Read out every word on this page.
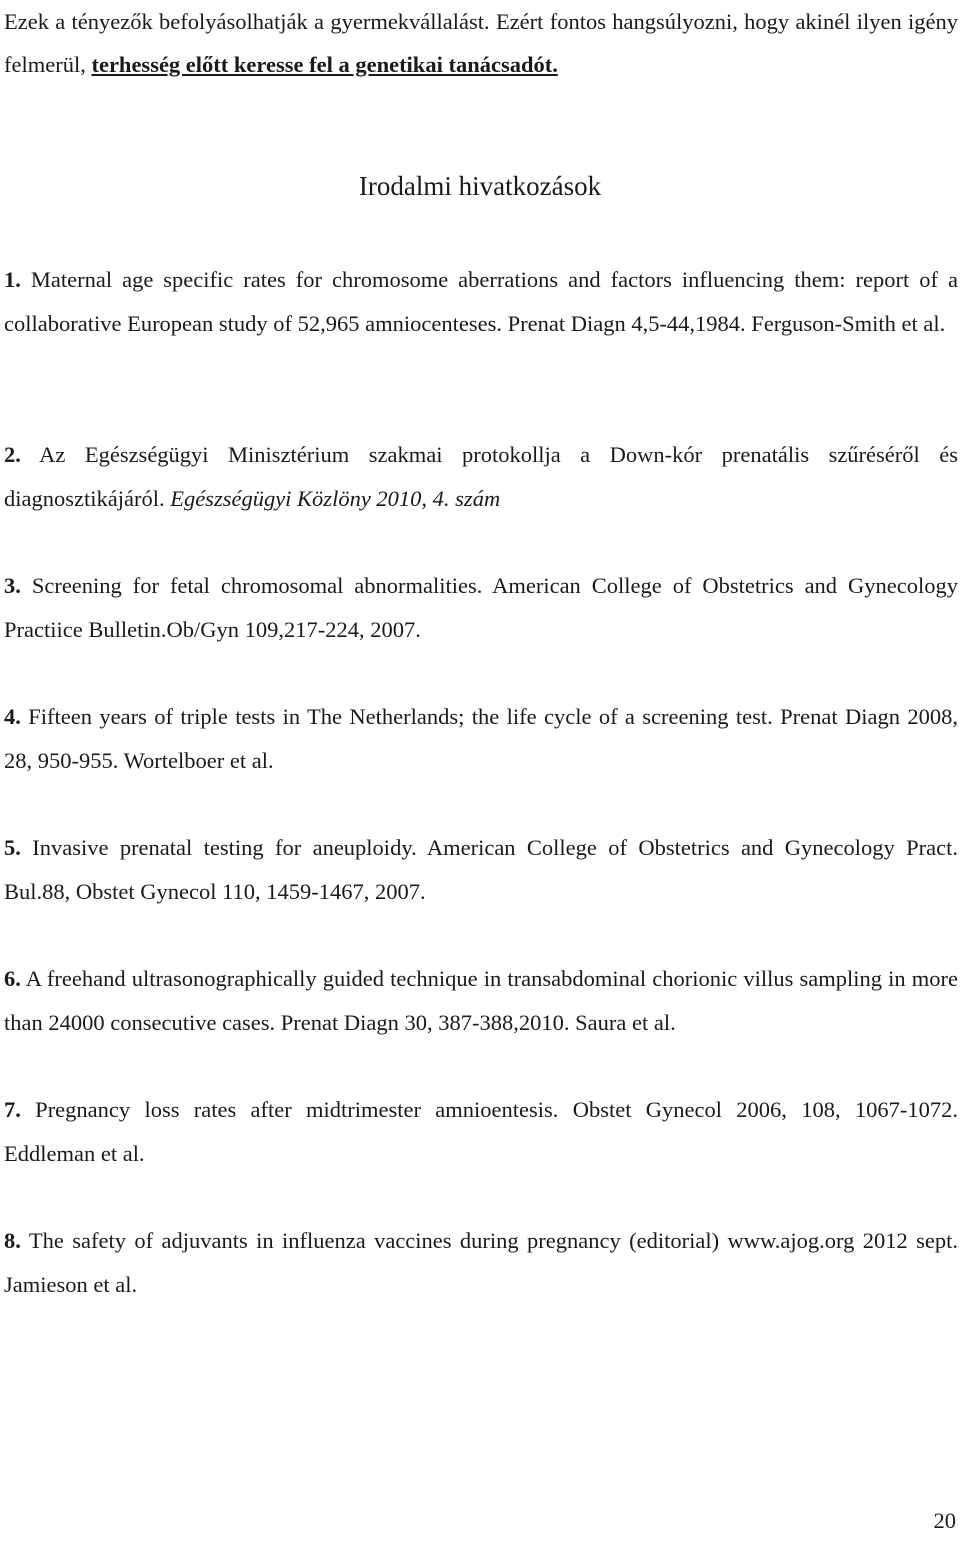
Ezek a tényezők befolyásolhatják a gyermekvállalást. Ezért fontos hangsúlyozni, hogy akinél ilyen igény felmerül, terhesség előtt keresse fel a genetikai tanácsadót.
Irodalmi hivatkozások
1. Maternal age specific rates for chromosome aberrations and factors influencing them: report of a collaborative European study of 52,965 amniocenteses. Prenat Diagn 4,5-44,1984. Ferguson-Smith et al.
2. Az Egészségügyi Minisztérium szakmai protokollja a Down-kór prenatális szűréséről és diagnosztikájáról. Egészségügyi Közlöny 2010, 4. szám
3. Screening for fetal chromosomal abnormalities. American College of Obstetrics and Gynecology Practiice Bulletin.Ob/Gyn 109,217-224, 2007.
4. Fifteen years of triple tests in The Netherlands; the life cycle of a screening test. Prenat Diagn 2008, 28, 950-955. Wortelboer et al.
5. Invasive prenatal testing for aneuploidy. American College of Obstetrics and Gynecology Pract. Bul.88, Obstet Gynecol 110, 1459-1467, 2007.
6. A freehand ultrasonographically guided technique in transabdominal chorionic villus sampling in more than 24000 consecutive cases. Prenat Diagn 30, 387-388,2010. Saura et al.
7. Pregnancy loss rates after midtrimester amnioentesis. Obstet Gynecol 2006, 108, 1067-1072. Eddleman et al.
8. The safety of adjuvants in influenza vaccines during pregnancy (editorial) www.ajog.org 2012 sept. Jamieson et al.
20
